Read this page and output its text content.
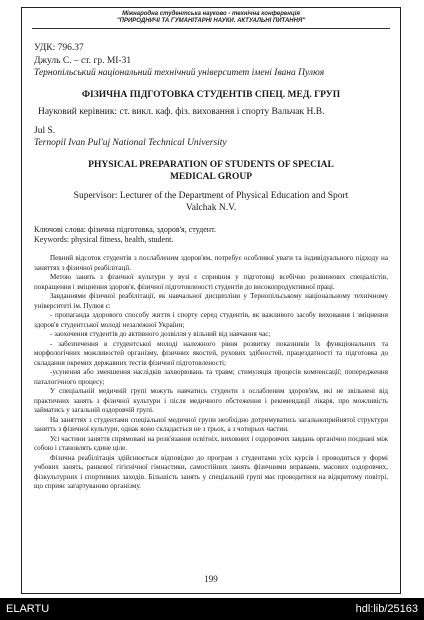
Міжнародна студентська науково - технічна конференція
"ПРИРОДНИЧІ ТА ГУМАНІТАРНІ НАУКИ. АКТУАЛЬНІ ПИТАННЯ"
УДК: 796.37
Джуль С. – ст. гр. МІ-31
Тернопільський національний технічний університет імені Івана Пулюя
ФІЗИЧНА ПІДГОТОВКА СТУДЕНТІВ СПЕЦ. МЕД. ГРУП
Науковий керівник: ст. викл. каф. фіз. виховання і спорту Вальчак Н.В.
Jul S.
Ternopil Ivan Pul'uj National Technical University
PHYSICAL PREPARATION OF STUDENTS OF SPECIAL
MEDICAL GROUP
Supervisor: Lecturer of the Department of Physical Education and Sport
Valchak N.V.
Ключові слова: фізична підготовка, здоров'я, студент.
Keywords: physical fitness, health, student.

Певний відсоток студентів з послабленим здоров'ям, потребує особливої уваги та індивідуального підходу на заняттях з фізичної реабілітації.

Метою занять з фізичної культури у вузі є сприяння у підготовці всебічно розвинених спеціалістів, покращення і зміцнення здоров'я, фізичної підготовленості студентів до високопродуктивної праці.

Завданнями фізичної реабілітації, як навчальної дисципліни у Тернопільському національному технічному університеті ім. Пулюя є:

- пропаганда здорового способу життя і спорту серед студентів, як важливого засобу виховання і зміцнення здоров'я студентської молоді незалежної України;

- заохочення студентів до активного дозвілля у вільний від навчання час;

- забезпечення в студентської молоді належного рівня розвитку показників їх функціональних та морфологічних можливостей організму, фізичних якостей, рухових здібностей, працездатності та підготовка до складання окремих державних тестів фізичної підготовленості;

-усунення або зменшення наслідків захворювань та травм; стимуляція процесів компенсації; попередження паталогічного процесу;

У спеціальній медичній групі можуть навчатись студенти з ослабленим здоров'ям, які не звільнені від практичних занять з фізичної культури і після медичного обстеження і рекомендації лікаря, про можливість займатись у загальній оздоровчій групі.

На заняттях з студентами спеціальної медичної групи необхідно дотримуватись загальноприйнятої структури занятть з фізичної культури, однак воно складається не з трьох, а з чотирьох частин.

Усі частини заняття спрямовані на розв'язання освітніх, виховних і оздоровчих завдань органічно поєднані між собою і становлять єдине ціле.

Фізична реабілітація здійснюється відповідно до програм з студентами усіх курсів і проводиться у формі учбових занять, ранкової гігієнічної гімнастики, самостійних занять фізичними вправами, масових оздоровчих, фізкультурних і спортивних заходів. Більшість занять у спеціальній групі має проводитися на відкритому повітрі, що сприяє загартуванню організму.

199
ELARTU	hdl:lib/25163
